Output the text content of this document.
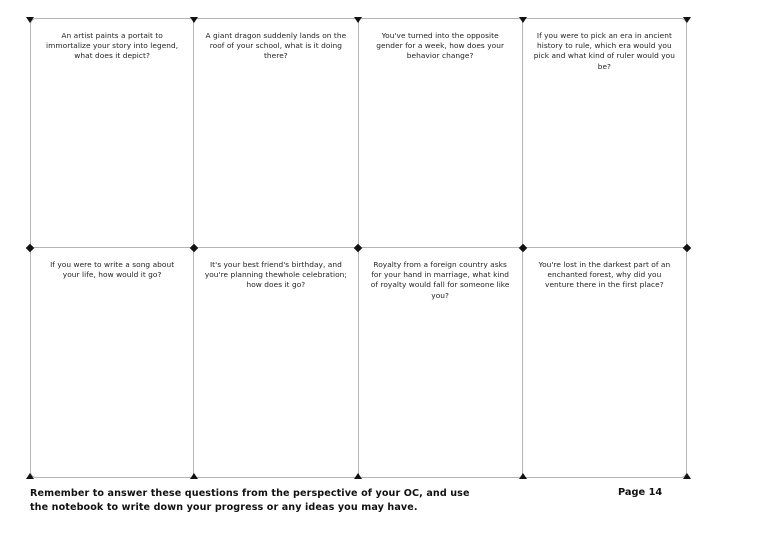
An artist paints a portait to immortalize your story into legend, what does it depict?
A giant dragon suddenly lands on the roof of your school, what is it doing there?
You've turned into the opposite gender for a week, how does your behavior change?
If you were to pick an era in ancient history to rule, which era would you pick and what kind of ruler would you be?
If you were to write a song about your life, how would it go?
It's your best friend's birthday, and you're planning thewhole celebration; how does it go?
Royalty from a foreign country asks for your hand in marriage, what kind of royalty would fall for someone like you?
You're lost in the darkest part of an enchanted forest, why did you venture there in the first place?
Remember to answer these questions from the perspective of your OC, and use the notebook to write down your progress or any ideas you may have.
Page 14
